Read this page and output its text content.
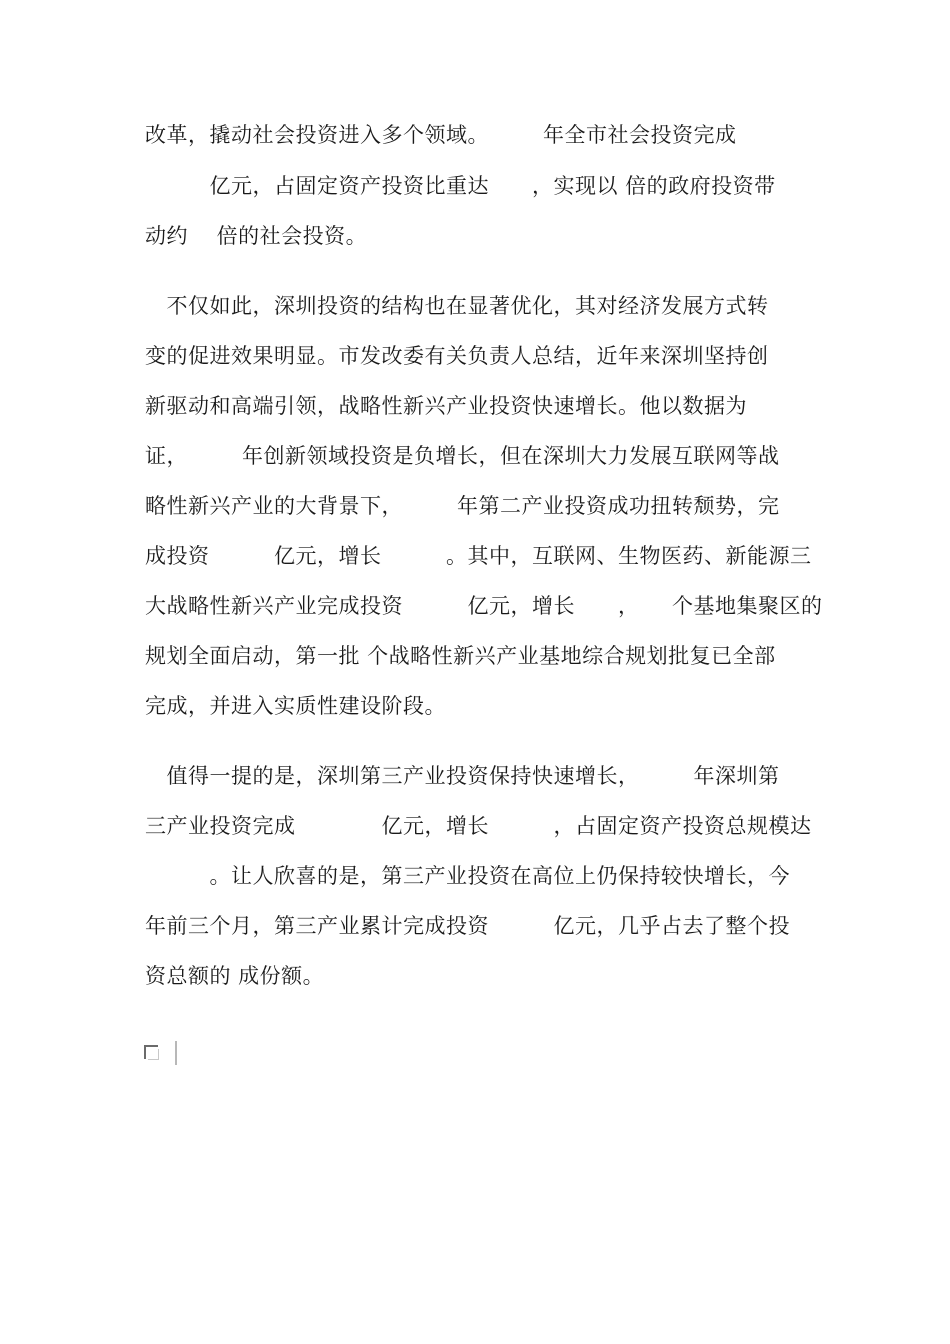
改革，撬动社会投资进入多个领域。　　　年全市社会投资完成
　　　亿元，占固定资产投资比重达　　，实现以 倍的政府投资带
动约　 倍的社会投资。
　不仅如此，深圳投资的结构也在显著优化，其对经济发展方式转
变的促进效果明显。市发改委有关负责人总结，近年来深圳坚持创
新驱动和高端引领，战略性新兴产业投资快速增长。他以数据为
证，　　　年创新领域投资是负增长，但在深圳大力发展互联网等战
略性新兴产业的大背景下，　　　年第二产业投资成功扭转颓势，完
成投资　　　亿元，增长　　　。其中，互联网、生物医药、新能源三
大战略性新兴产业完成投资　　　亿元，增长　　，　　个基地集聚区的
规划全面启动，第一批 个战略性新兴产业基地综合规划批复已全部
完成，并进入实质性建设阶段。
　值得一提的是，深圳第三产业投资保持快速增长，　　　年深圳第
三产业投资完成　　　　亿元，增长　　　，占固定资产投资总规模达
　　　。让人欣喜的是，第三产业投资在高位上仍保持较快增长，今
年前三个月，第三产业累计完成投资　　　亿元，几乎占去了整个投
资总额的 成份额。
